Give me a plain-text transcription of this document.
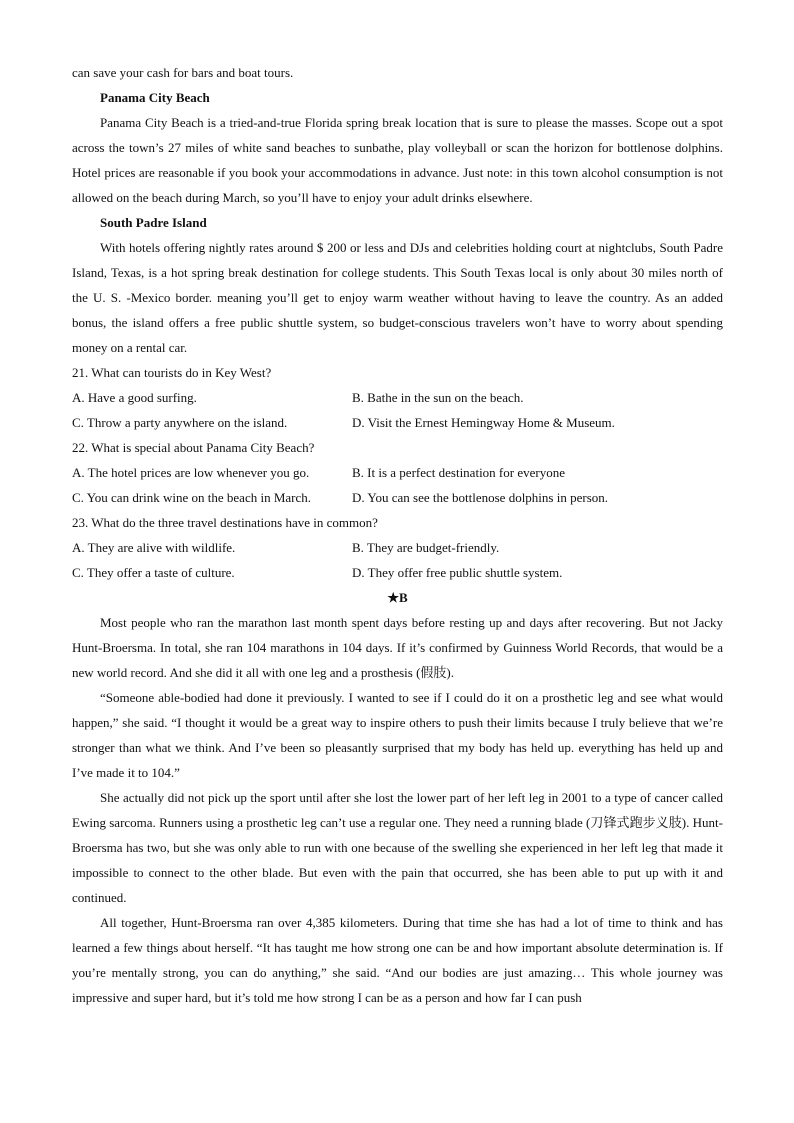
can save your cash for bars and boat tours.
Panama City Beach

Panama City Beach is a tried-and-true Florida spring break location that is sure to please the masses. Scope out a spot across the town’s 27 miles of white sand beaches to sunbathe, play volleyball or scan the horizon for bottlenose dolphins. Hotel prices are reasonable if you book your accommodations in advance. Just note: in this town alcohol consumption is not allowed on the beach during March, so you’ll have to enjoy your adult drinks elsewhere.

South Padre Island

With hotels offering nightly rates around $ 200 or less and DJs and celebrities holding court at nightclubs, South Padre Island, Texas, is a hot spring break destination for college students. This South Texas local is only about 30 miles north of the U. S. -Mexico border. meaning you’ll get to enjoy warm weather without having to leave the country. As an added bonus, the island offers a free public shuttle system, so budget-conscious travelers won’t have to worry about spending money on a rental car.

21. What can tourists do in Key West?
A. Have a good surfing.	B. Bathe in the sun on the beach.
C. Throw a party anywhere on the island.	D. Visit the Ernest Hemingway Home & Museum.
22. What is special about Panama City Beach?
A. The hotel prices are low whenever you go.	B. It is a perfect destination for everyone
C. You can drink wine on the beach in March.	D. You can see the bottlenose dolphins in person.
23. What do the three travel destinations have in common?
A. They are alive with wildlife.	B. They are budget-friendly.
C. They offer a taste of culture.	D. They offer free public shuttle system.
★B

Most people who ran the marathon last month spent days before resting up and days after recovering. But not Jacky Hunt-Broersma. In total, she ran 104 marathons in 104 days. If it’s confirmed by Guinness World Records, that would be a new world record. And she did it all with one leg and a prosthesis (假肢).

“Someone able-bodied had done it previously. I wanted to see if I could do it on a prosthetic leg and see what would happen,” she said. “I thought it would be a great way to inspire others to push their limits because I truly believe that we’re stronger than what we think. And I’ve been so pleasantly surprised that my body has held up. everything has held up and I’ve made it to 104.”

She actually did not pick up the sport until after she lost the lower part of her left leg in 2001 to a type of cancer called Ewing sarcoma. Runners using a prosthetic leg can’t use a regular one. They need a running blade (刀锋式跑步义肢). Hunt-Broersma has two, but she was only able to run with one because of the swelling she experienced in her left leg that made it impossible to connect to the other blade. But even with the pain that occurred, she has been able to put up with it and continued.

All together, Hunt-Broersma ran over 4,385 kilometers. During that time she has had a lot of time to think and has learned a few things about herself. “It has taught me how strong one can be and how important absolute determination is. If you’re mentally strong, you can do anything,” she said. “And our bodies are just amazing… This whole journey was impressive and super hard, but it’s told me how strong I can be as a person and how far I can push
